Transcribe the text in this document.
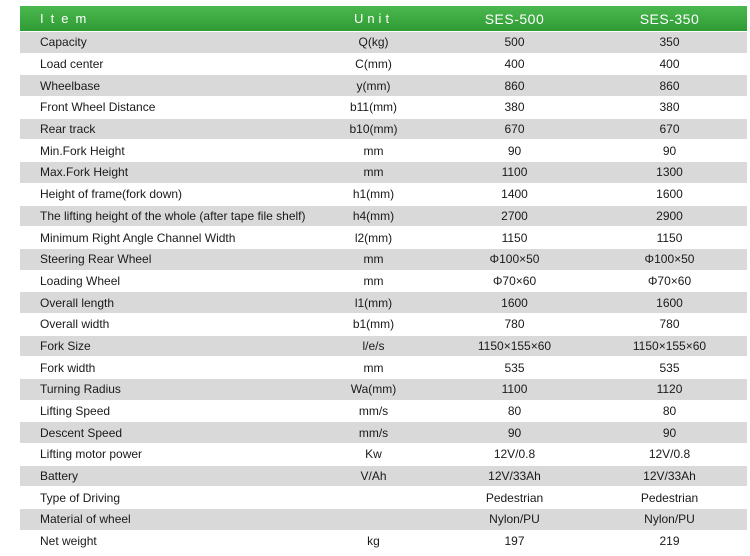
Item	Unit	SES-500	SES-350
Capacity	Q(kg)	500	350
Load center	C(mm)	400	400
Wheelbase	y(mm)	860	860
Front Wheel Distance	b11(mm)	380	380
Rear track	b10(mm)	670	670
Min.Fork Height	mm	90	90
Max.Fork Height	mm	1100	1300
Height of frame(fork down)	h1(mm)	1400	1600
The lifting height of the whole (after tape file shelf)	h4(mm)	2700	2900
Minimum Right Angle Channel Width	l2(mm)	1150	1150
Steering Rear Wheel	mm	Φ100×50	Φ100×50
Loading Wheel	mm	Φ70×60	Φ70×60
Overall length	l1(mm)	1600	1600
Overall width	b1(mm)	780	780
Fork Size	l/e/s	1150×155×60	1150×155×60
Fork width	mm	535	535
Turning Radius	Wa(mm)	1100	1120
Lifting Speed	mm/s	80	80
Descent Speed	mm/s	90	90
Lifting motor power	Kw	12V/0.8	12V/0.8
Battery	V/Ah	12V/33Ah	12V/33Ah
Type of Driving		Pedestrian	Pedestrian
Material of wheel		Nylon/PU	Nylon/PU
Net weight	kg	197	219
